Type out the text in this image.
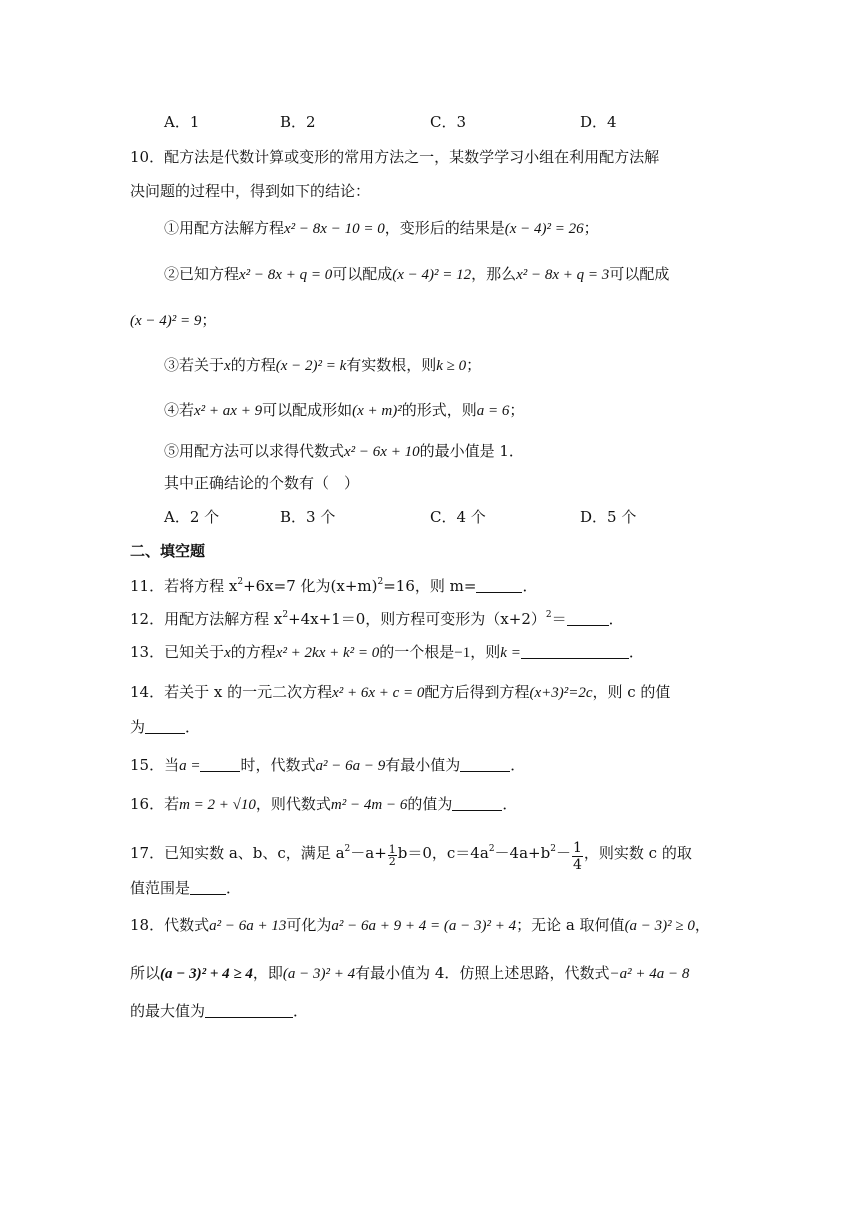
A．1	B．2	C．3	D．4
10．配方法是代数计算或变形的常用方法之一，某数学学习小组在利用配方法解
决问题的过程中，得到如下的结论：
①用配方法解方程x² − 8x − 10 = 0，变形后的结果是(x − 4)² = 26；
②已知方程x² − 8x + q = 0可以配成(x − 4)² = 12，那么x² − 8x + q = 3可以配成
(x − 4)² = 9；
③若关于x的方程(x − 2)² = k有实数根，则k ≥ 0；
④若x² + ax + 9可以配成形如(x + m)²的形式，则a = 6；
⑤用配方法可以求得代数式x² − 6x + 10的最小值是 1．
其中正确结论的个数有（　）
A．2 个	B．3 个	C．4 个	D．5 个
二、填空题
11．若将方程 $x^2+6x=7$ 化为$(x+m)^2=16$，则 m=	．
12．用配方法解方程 $x^2+4x+1=0$，则方程可变形为$(x+2)^2=$	．
13．已知关于x的方程x² + 2kx + k² = 0的一个根是−1，则k =	．
14．若关于 x 的一元二次方程x² + 6x + c = 0配方后得到方程(x+3)²=2c，则 c 的值
为	．
15．当a =	时，代数式a² − 6a − 9有最小值为	．
16．若m = 2 + √10，则代数式m² − 4m − 6的值为	．
17．已知实数 a、b、c，满足 $a^2-a+ \frac{1}{2} b=0$，$c=4a^2-4a+b^2- \frac{1}{4}$ ，则实数 c 的取
值范围是 ．
18．代数式a² − 6a + 13可化为a² − 6a + 9 + 4 = (a − 3)² + 4；无论 a 取何值(a − 3)² ≥ 0，
所以(a − 3)² + 4 ≥ 4，即(a − 3)² + 4有最小值为 4．仿照上述思路，代数式−a² + 4a − 8
的最大值为	．
